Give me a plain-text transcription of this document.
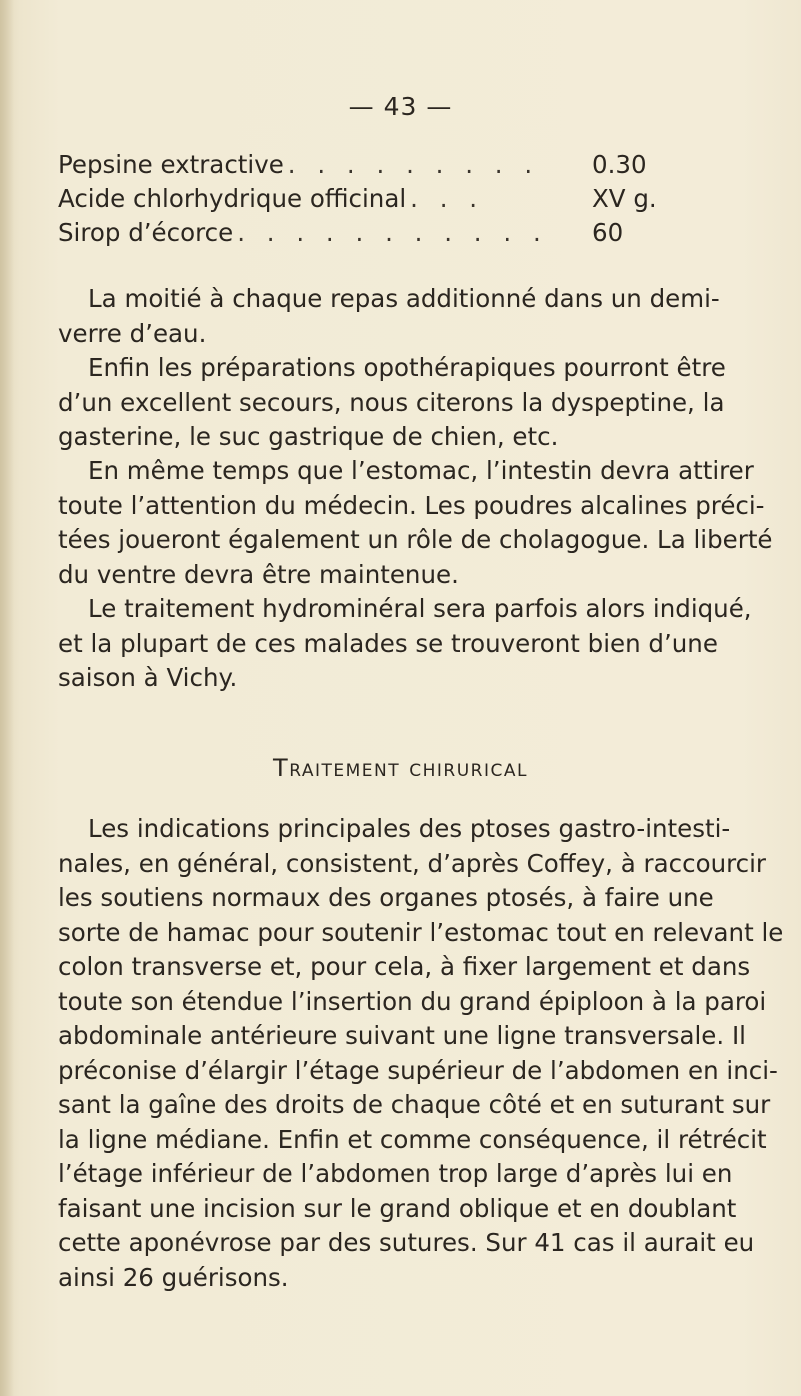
— 43 —
Pepsine extractive . . . . . . . . .	0.30
Acide chlorhydrique officinal . . .	XV g.
Sirop d’écorce . . . . . . . . . . .	60

La moitié à chaque repas additionné dans un demi-
verre d’eau.

Enfin les préparations opothérapiques pourront être
d’un excellent secours, nous citerons la dyspeptine, la
gasterine, le suc gastrique de chien, etc.

En même temps que l’estomac, l’intestin devra attirer
toute l’attention du médecin. Les poudres alcalines préci-
tées joueront également un rôle de cholagogue. La liberté
du ventre devra être maintenue.

Le traitement hydrominéral sera parfois alors indiqué,
et la plupart de ces malades se trouveront bien d’une
saison à Vichy.

Traitement chirurical

Les indications principales des ptoses gastro-intesti-
nales, en général, consistent, d’après Coffey, à raccourcir
les soutiens normaux des organes ptosés, à faire une
sorte de hamac pour soutenir l’estomac tout en relevant le
colon transverse et, pour cela, à fixer largement et dans
toute son étendue l’insertion du grand épiploon à la paroi
abdominale antérieure suivant une ligne transversale. Il
préconise d’élargir l’étage supérieur de l’abdomen en inci-
sant la gaîne des droits de chaque côté et en suturant sur
la ligne médiane. Enfin et comme conséquence, il rétrécit
l’étage inférieur de l’abdomen trop large d’après lui en
faisant une incision sur le grand oblique et en doublant
cette aponévrose par des sutures. Sur 41 cas il aurait eu
ainsi 26 guérisons.
